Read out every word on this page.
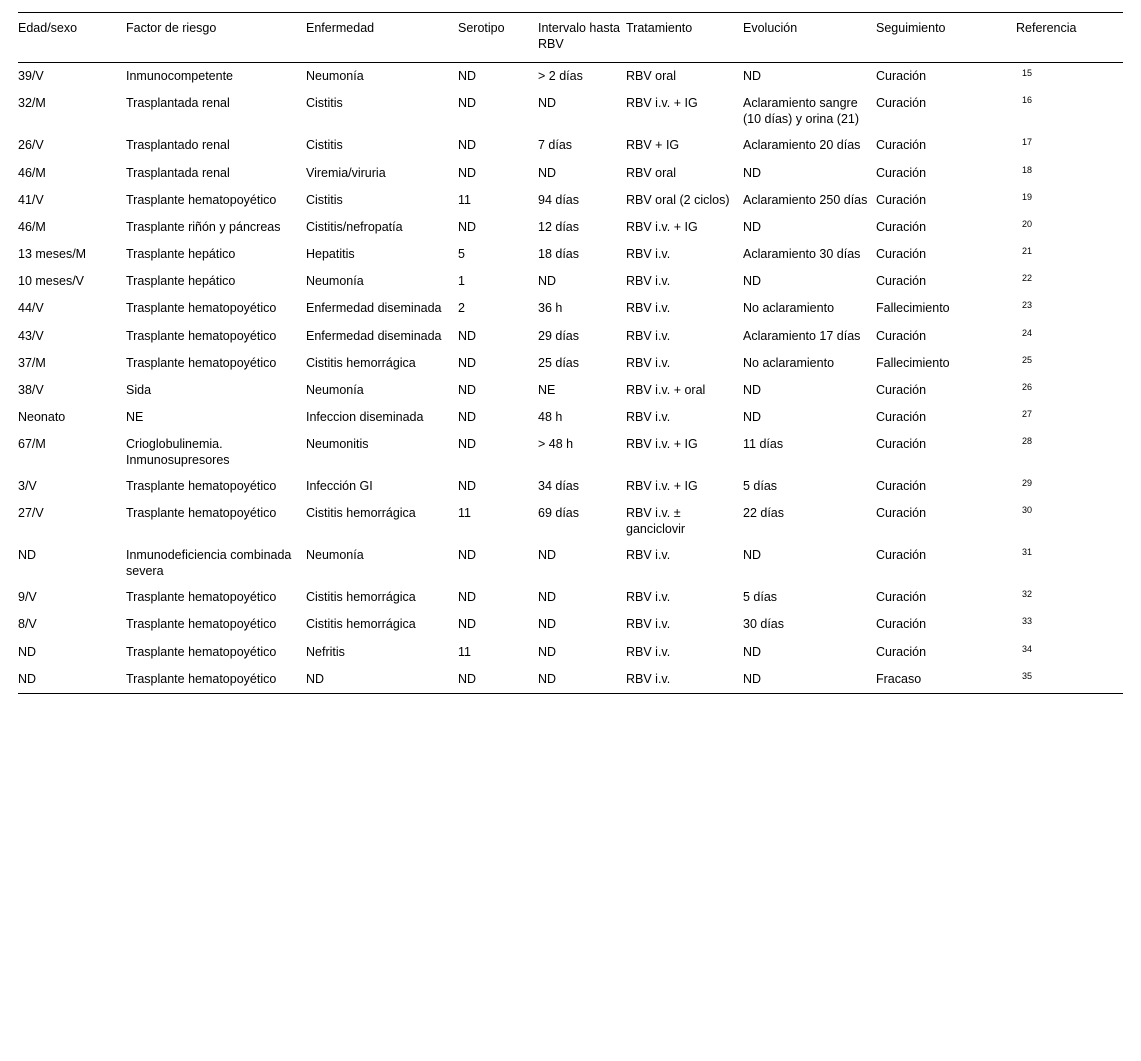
Edad/sexo	Factor de riesgo	Enfermedad	Serotipo	Intervalo hasta RBV	Tratamiento	Evolución	Seguimiento	Referencia
39/V	Inmunocompetente	Neumonía	ND	> 2 días	RBV oral	ND	Curación	15
32/M	Trasplantada renal	Cistitis	ND	ND	RBV i.v. + IG	Aclaramiento sangre (10 días) y orina (21)	Curación	16
26/V	Trasplantado renal	Cistitis	ND	7 días	RBV + IG	Aclaramiento 20 días	Curación	17
46/M	Trasplantada renal	Viremia/viruria	ND	ND	RBV oral	ND	Curación	18
41/V	Trasplante hematopoyético	Cistitis	11	94 días	RBV oral (2 ciclos)	Aclaramiento 250 días	Curación	19
46/M	Trasplante riñón y páncreas	Cistitis/nefropatía	ND	12 días	RBV i.v. + IG	ND	Curación	20
13 meses/M	Trasplante hepático	Hepatitis	5	18 días	RBV i.v.	Aclaramiento 30 días	Curación	21
10 meses/V	Trasplante hepático	Neumonía	1	ND	RBV i.v.	ND	Curación	22
44/V	Trasplante hematopoyético	Enfermedad diseminada	2	36 h	RBV i.v.	No aclaramiento	Fallecimiento	23
43/V	Trasplante hematopoyético	Enfermedad diseminada	ND	29 días	RBV i.v.	Aclaramiento 17 días	Curación	24
37/M	Trasplante hematopoyético	Cistitis hemorrágica	ND	25 días	RBV i.v.	No aclaramiento	Fallecimiento	25
38/V	Sida	Neumonía	ND	NE	RBV i.v. + oral	ND	Curación	26
Neonato	NE	Infeccion diseminada	ND	48 h	RBV i.v.	ND	Curación	27
67/M	Crioglobulinemia. Inmunosupresores	Neumonitis	ND	> 48 h	RBV i.v. + IG	11 días	Curación	28
3/V	Trasplante hematopoyético	Infección GI	ND	34 días	RBV i.v. + IG	5 días	Curación	29
27/V	Trasplante hematopoyético	Cistitis hemorrágica	11	69 días	RBV i.v. ± ganciclovir	22 días	Curación	30
ND	Inmunodeficiencia combinada severa	Neumonía	ND	ND	RBV i.v.	ND	Curación	31
9/V	Trasplante hematopoyético	Cistitis hemorrágica	ND	ND	RBV i.v.	5 días	Curación	32
8/V	Trasplante hematopoyético	Cistitis hemorrágica	ND	ND	RBV i.v.	30 días	Curación	33
ND	Trasplante hematopoyético	Nefritis	11	ND	RBV i.v.	ND	Curación	34
ND	Trasplante hematopoyético	ND	ND	ND	RBV i.v.	ND	Fracaso	35
